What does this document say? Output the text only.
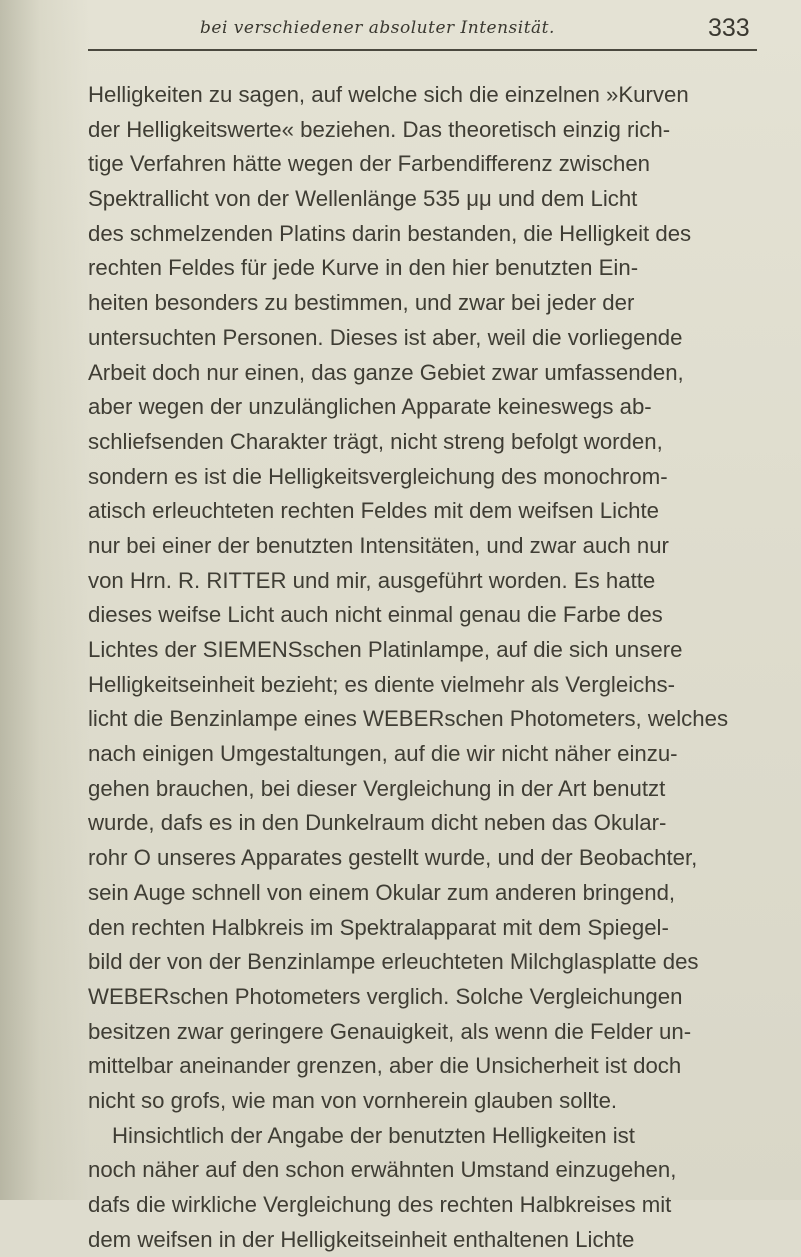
bei verschiedener absoluter Intensität.	333
Helligkeiten zu sagen, auf welche sich die einzelnen »Kurven
der Helligkeitswerte« beziehen. Das theoretisch einzig rich-
tige Verfahren hätte wegen der Farbendifferenz zwischen
Spektrallicht von der Wellenlänge 535 μμ und dem Licht
des schmelzenden Platins darin bestanden, die Helligkeit des
rechten Feldes für jede Kurve in den hier benutzten Ein-
heiten besonders zu bestimmen, und zwar bei jeder der
untersuchten Personen. Dieses ist aber, weil die vorliegende
Arbeit doch nur einen, das ganze Gebiet zwar umfassenden,
aber wegen der unzulänglichen Apparate keineswegs ab-
schliefsenden Charakter trägt, nicht streng befolgt worden,
sondern es ist die Helligkeitsvergleichung des monochrom-
atisch erleuchteten rechten Feldes mit dem weifsen Lichte
nur bei einer der benutzten Intensitäten, und zwar auch nur
von Hrn. R. RITTER und mir, ausgeführt worden. Es hatte
dieses weifse Licht auch nicht einmal genau die Farbe des
Lichtes der SIEMENSschen Platinlampe, auf die sich unsere
Helligkeitseinheit bezieht; es diente vielmehr als Vergleichs-
licht die Benzinlampe eines WEBERschen Photometers, welches
nach einigen Umgestaltungen, auf die wir nicht näher einzu-
gehen brauchen, bei dieser Vergleichung in der Art benutzt
wurde, dafs es in den Dunkelraum dicht neben das Okular-
rohr O unseres Apparates gestellt wurde, und der Beobachter,
sein Auge schnell von einem Okular zum anderen bringend,
den rechten Halbkreis im Spektralapparat mit dem Spiegel-
bild der von der Benzinlampe erleuchteten Milchglasplatte des
WEBERschen Photometers verglich. Solche Vergleichungen
besitzen zwar geringere Genauigkeit, als wenn die Felder un-
mittelbar aneinander grenzen, aber die Unsicherheit ist doch
nicht so grofs, wie man von vornherein glauben sollte.
Hinsichtlich der Angabe der benutzten Helligkeiten ist
noch näher auf den schon erwähnten Umstand einzugehen,
dafs die wirkliche Vergleichung des rechten Halbkreises mit
dem weifsen in der Helligkeitseinheit enthaltenen Lichte
